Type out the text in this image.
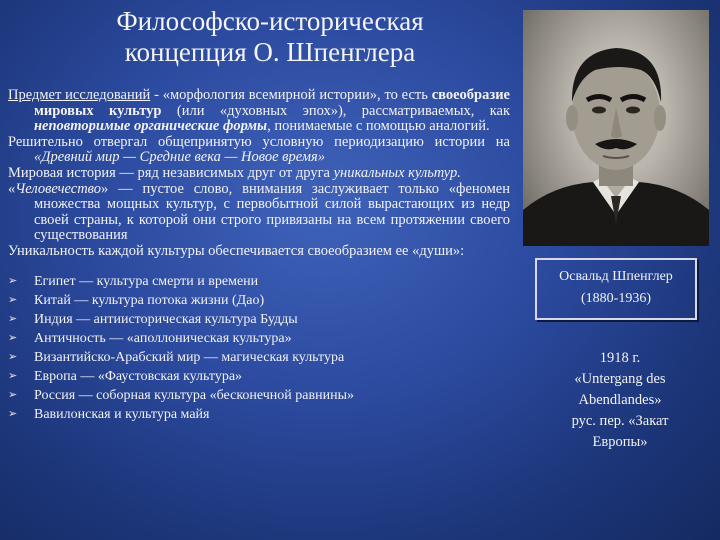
Философско-историческая
концепция О. Шпенглера

Предмет исследований - «морфология всемирной истории», то есть своеобразие мировых культур (или «духовных эпох»), рассматриваемых, как неповторимые органические формы, понимаемые с помощью аналогий.

Решительно отвергал общепринятую условную периодизацию истории на «Древний мир — Средние века — Новое время»

Мировая история — ряд независимых друг от друга уникальных культур.

«Человечество» — пустое слово, внимания заслуживает только «феномен множества мощных культур, с первобытной силой вырастающих из недр своей страны, к которой они строго привязаны на всем протяжении своего существования

Уникальность каждой культуры обеспечивается своеобразием ее «души»:

➢ Египет — культура смерти и времени
➢ Китай — культура потока жизни (Дао)
➢ Индия — антиисторическая культура Будды
➢ Античность — «аполлоническая культура»
➢ Византийско-Арабский мир — магическая культура
➢ Европа — «Фаустовская культура»
➢ Россия — соборная культура «бесконечной равнины»
➢ Вавилонская и культура майя
Освальд Шпенглер
(1880-1936)
1918 г.
«Untergang des
Abendlandes»
рус. пер. «Закат
Европы»
